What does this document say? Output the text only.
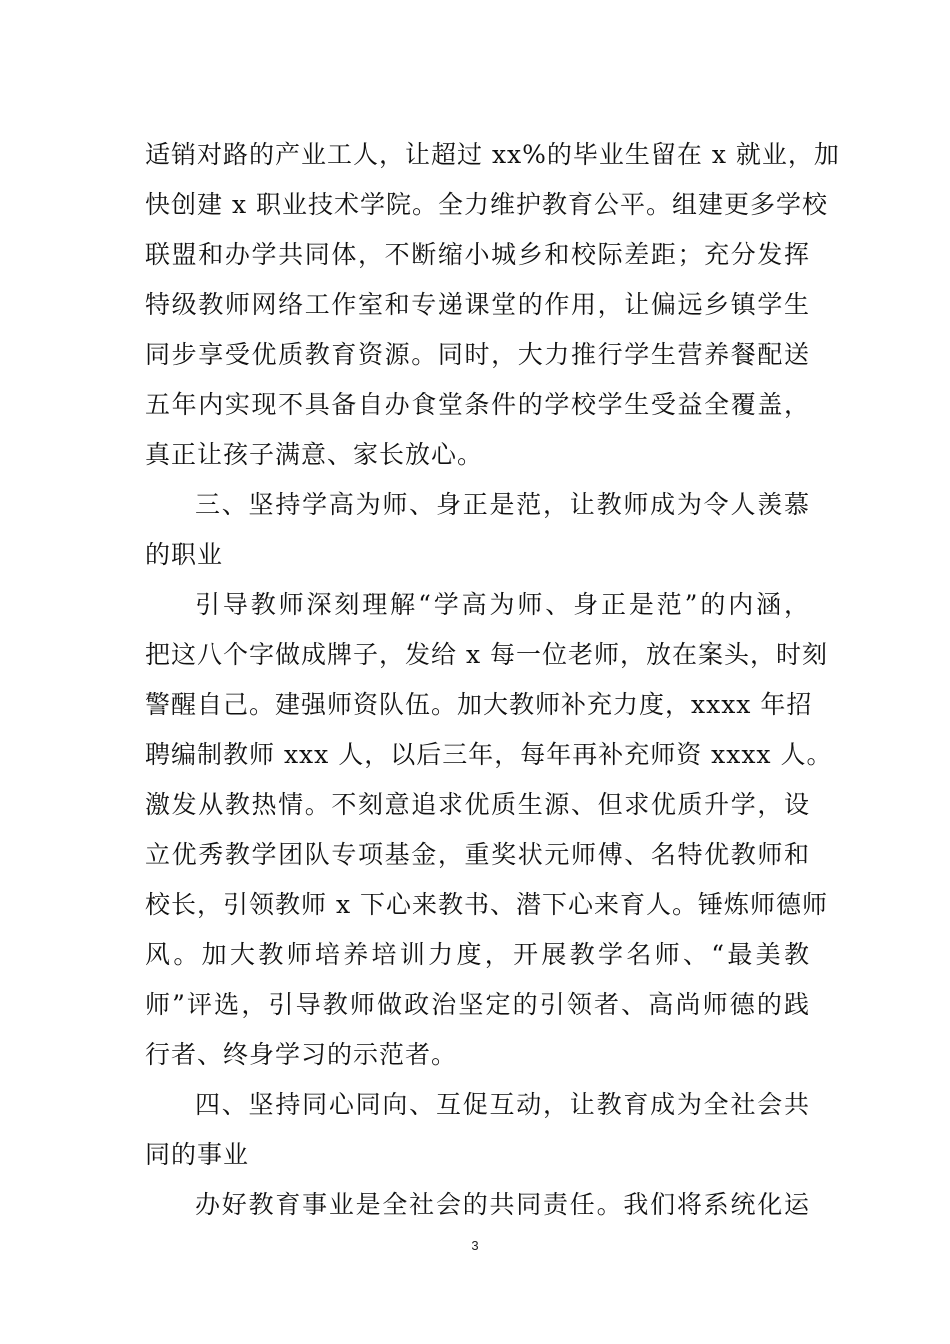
适销对路的产业工人，让超过 xx%的毕业生留在 x 就业，加
快创建 x 职业技术学院。全力维护教育公平。组建更多学校
联盟和办学共同体，不断缩小城乡和校际差距；充分发挥
特级教师网络工作室和专递课堂的作用，让偏远乡镇学生
同步享受优质教育资源。同时，大力推行学生营养餐配送
五年内实现不具备自办食堂条件的学校学生受益全覆盖，
真正让孩子满意、家长放心。
三、坚持学高为师、身正是范，让教师成为令人羡慕
的职业
引导教师深刻理解“学高为师、身正是范”的内涵，
把这八个字做成牌子，发给 x 每一位老师，放在案头，时刻
警醒自己。建强师资队伍。加大教师补充力度，xxxx 年招
聘编制教师 xxx 人，以后三年，每年再补充师资 xxxx 人。
激发从教热情。不刻意追求优质生源、但求优质升学，设
立优秀教学团队专项基金，重奖状元师傅、名特优教师和
校长，引领教师 x 下心来教书、潜下心来育人。锤炼师德师
风。加大教师培养培训力度，开展教学名师、“最美教
师”评选，引导教师做政治坚定的引领者、高尚师德的践
行者、终身学习的示范者。
四、坚持同心同向、互促互动，让教育成为全社会共
同的事业
办好教育事业是全社会的共同责任。我们将系统化运
3
